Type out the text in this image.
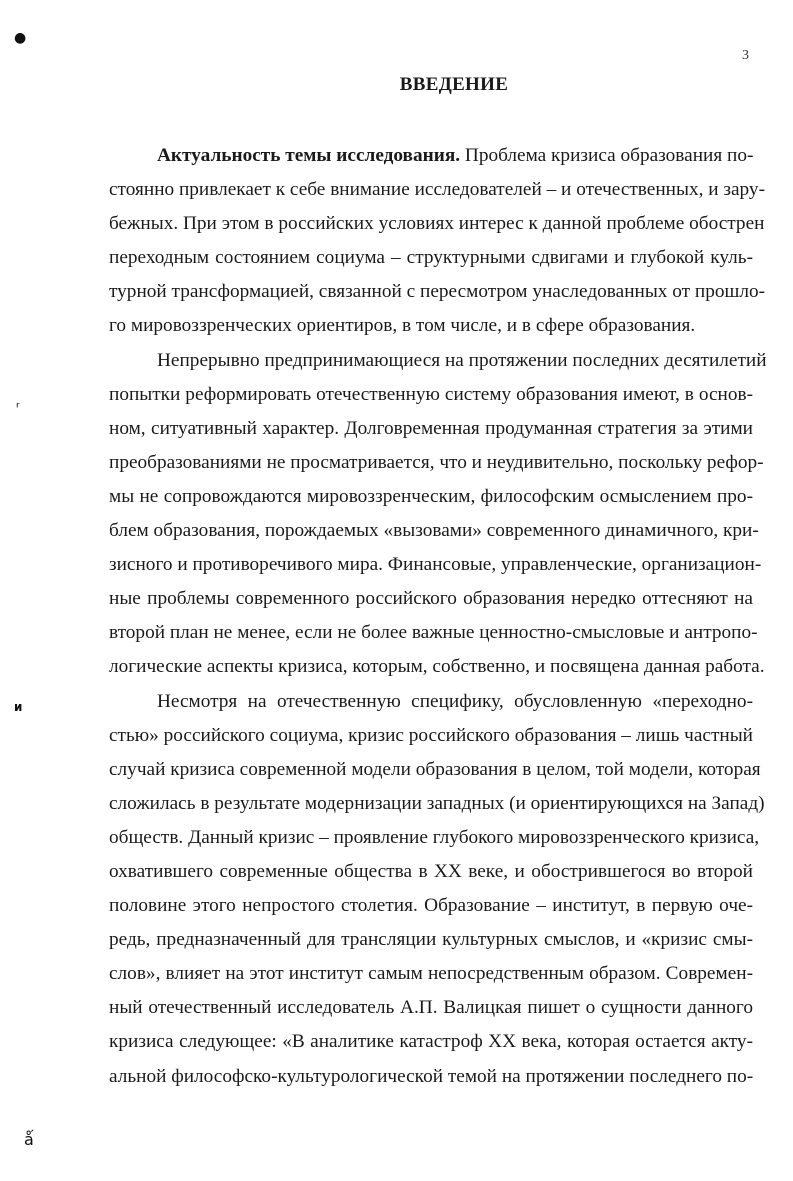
●
ʳ
и
ǻ
3
ВВЕДЕНИЕ
Актуальность темы исследования. Проблема кризиса образования по-
стоянно привлекает к себе внимание исследователей – и отечественных, и зару-
бежных. При этом в российских условиях интерес к данной проблеме обострен
переходным состоянием социума – структурными сдвигами и глубокой куль-
турной трансформацией, связанной с пересмотром унаследованных от прошло-
го мировоззренческих ориентиров, в том числе, и в сфере образования.
Непрерывно предпринимающиеся на протяжении последних десятилетий
попытки реформировать отечественную систему образования имеют, в основ-
ном, ситуативный характер. Долговременная продуманная стратегия за этими
преобразованиями не просматривается, что и неудивительно, поскольку рефор-
мы не сопровождаются мировоззренческим, философским осмыслением про-
блем образования, порождаемых «вызовами» современного динамичного, кри-
зисного и противоречивого мира. Финансовые, управленческие, организацион-
ные проблемы современного российского образования нередко оттесняют на
второй план не менее, если не более важные ценностно-смысловые и антропо-
логические аспекты кризиса, которым, собственно, и посвящена данная работа.
Несмотря на отечественную специфику, обусловленную «переходно-
стью» российского социума, кризис российского образования – лишь частный
случай кризиса современной модели образования в целом, той модели, которая
сложилась в результате модернизации западных (и ориентирующихся на Запад)
обществ. Данный кризис – проявление глубокого мировоззренческого кризиса,
охватившего современные общества в XX веке, и обострившегося во второй
половине этого непростого столетия. Образование – институт, в первую оче-
редь, предназначенный для трансляции культурных смыслов, и «кризис смы-
слов», влияет на этот институт самым непосредственным образом. Современ-
ный отечественный исследователь А.П. Валицкая пишет о сущности данного
кризиса следующее: «В аналитике катастроф XX века, которая остается акту-
альной философско-культурологической темой на протяжении последнего по-
